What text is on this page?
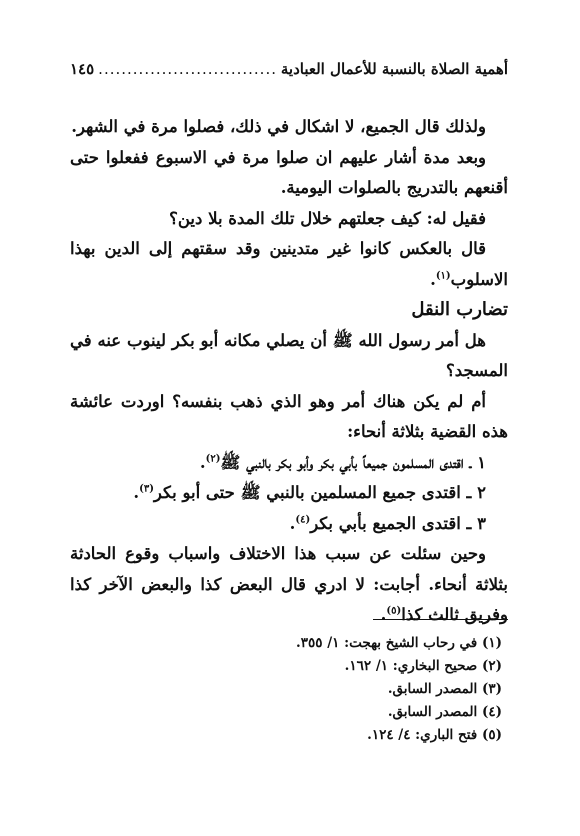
أهمية الصلاة بالنسبة للأعمال العبادية
...............................
١٤٥

ولذلك قال الجميع، لا اشكال في ذلك، فصلوا مرة في الشهر.

وبعد مدة أشار عليهم ان صلوا مرة في الاسبوع ففعلوا حتى أقنعهم بالتدريج بالصلوات اليومية.

فقيل له: كيف جعلتهم خلال تلك المدة بلا دين؟

قال بالعكس كانوا غير متدينين وقد سقتهم إلى الدين بهذا الاسلوب$^{(١)}$.

تضارب النقل

هل أمر رسول الله ﷺ أن يصلي مكانه أبو بكر لينوب عنه في المسجد؟

أم لم يكن هناك أمر وهو الذي ذهب بنفسه؟ اوردت عائشة هذه القضية بثلاثة أنحاء:

١ ـ اقتدى المسلمون جميعاً بأبي بكر وأبو بكر بالنبي ﷺ$^{(٢)}$.

٢ ـ اقتدى جميع المسلمين بالنبي ﷺ حتى أبو بكر$^{(٣)}$.

٣ ـ اقتدى الجميع بأبي بكر$^{(٤)}$.

وحين سئلت عن سبب هذا الاختلاف واسباب وقوع الحادثة بثلاثة أنحاء. أجابت: لا ادري قال البعض كذا والبعض الآخر كذا وفريق ثالث كذا$^{(٥)}$.

(١) في رحاب الشيخ بهجت: ١/ ٣٥٥.

(٢) صحيح البخاري: ١/ ١٦٢.

(٣) المصدر السابق.

(٤) المصدر السابق.

(٥) فتح الباري: ٤/ ١٢٤.
